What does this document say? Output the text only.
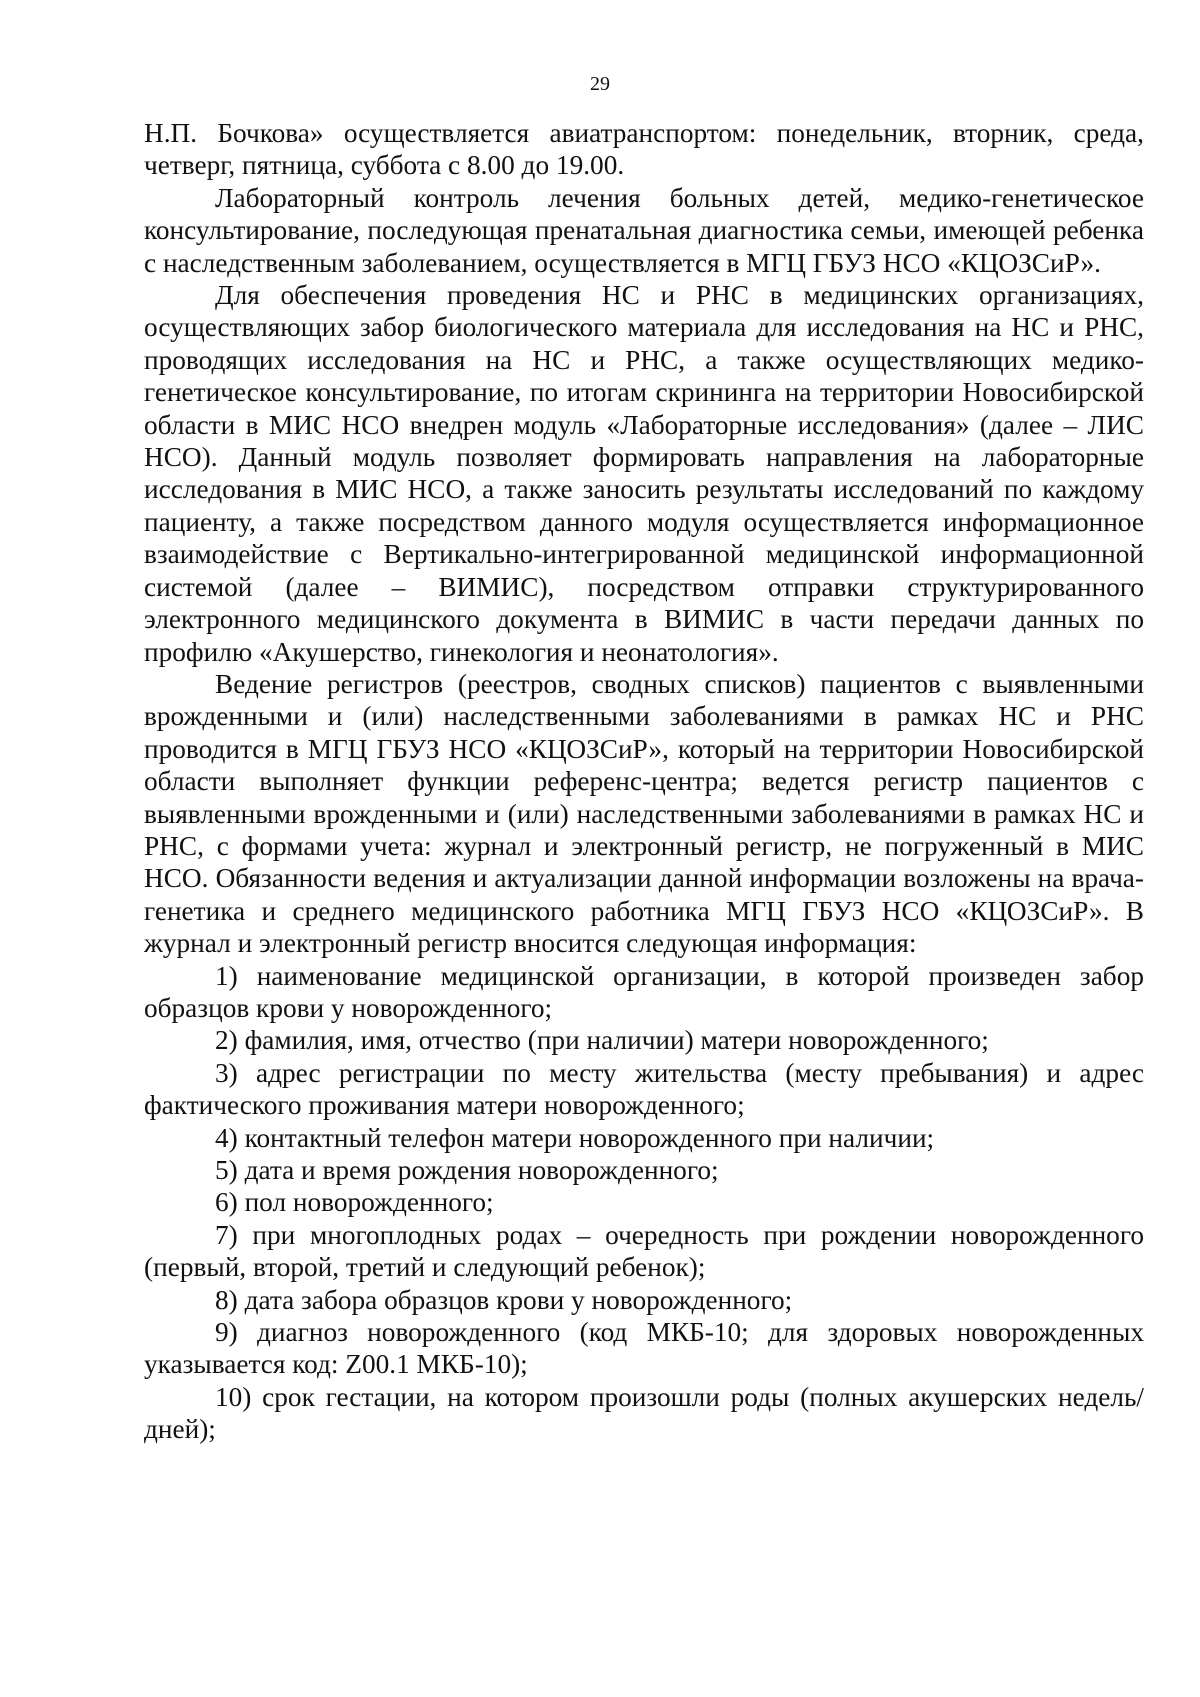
29

Н.П. Бочкова» осуществляется авиатранспортом: понедельник, вторник, среда, четверг, пятница, суббота с 8.00 до 19.00.

Лабораторный контроль лечения больных детей, медико-генетическое консультирование, последующая пренатальная диагностика семьи, имеющей ребенка с наследственным заболеванием, осуществляется в МГЦ ГБУЗ НСО «КЦОЗСиР».

Для обеспечения проведения НС и РНС в медицинских организациях, осуществляющих забор биологического материала для исследования на НС и РНС, проводящих исследования на НС и РНС, а также осуществляющих медико-генетическое консультирование, по итогам скрининга на территории Новосибирской области в МИС НСО внедрен модуль «Лабораторные исследования» (далее – ЛИС НСО). Данный модуль позволяет формировать направления на лабораторные исследования в МИС НСО, а также заносить результаты исследований по каждому пациенту, а также посредством данного модуля осуществляется информационное взаимодействие с Вертикально-интегрированной медицинской информационной системой (далее – ВИМИС), посредством отправки структурированного электронного медицинского документа в ВИМИС в части передачи данных по профилю «Акушерство, гинекология и неонатология».

Ведение регистров (реестров, сводных списков) пациентов с выявленными врожденными и (или) наследственными заболеваниями в рамках НС и РНС проводится в МГЦ ГБУЗ НСО «КЦОЗСиР», который на территории Новосибирской области выполняет функции референс-центра; ведется регистр пациентов с выявленными врожденными и (или) наследственными заболеваниями в рамках НС и РНС, с формами учета: журнал и электронный регистр, не погруженный в МИС НСО. Обязанности ведения и актуализации данной информации возложены на врача-генетика и среднего медицинского работника МГЦ ГБУЗ НСО «КЦОЗСиР». В журнал и электронный регистр вносится следующая информация:

1) наименование медицинской организации, в которой произведен забор образцов крови у новорожденного;

2) фамилия, имя, отчество (при наличии) матери новорожденного;

3) адрес регистрации по месту жительства (месту пребывания) и адрес фактического проживания матери новорожденного;

4) контактный телефон матери новорожденного при наличии;

5) дата и время рождения новорожденного;

6) пол новорожденного;

7) при многоплодных родах – очередность при рождении новорожденного (первый, второй, третий и следующий ребенок);

8) дата забора образцов крови у новорожденного;

9) диагноз новорожденного (код МКБ-10; для здоровых новорожденных указывается код: Z00.1 МКБ-10);

10) срок гестации, на котором произошли роды (полных акушерских недель/дней);
